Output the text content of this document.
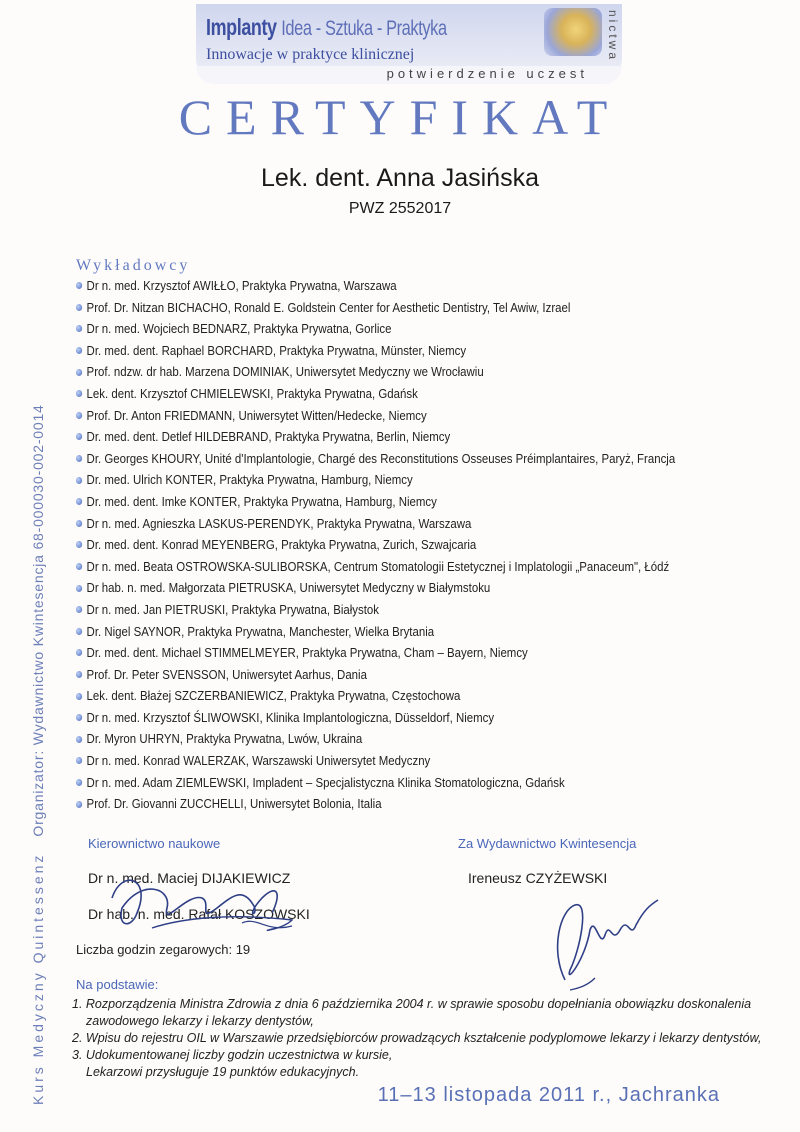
Implanty Idea - Sztuka - Praktyka
Innowacje w praktyce klinicznej
potwierdzenie uczest
nictwa
CERTYFIKAT
Lek. dent. Anna Jasińska
PWZ 2552017
Kurs Medyczny QuintessenzOrganizator: Wydawnictwo Kwintesencja 68-000030-002-0014
Wykładowcy
Dr n. med. Krzysztof AWIŁŁO, Praktyka Prywatna, Warszawa
Prof. Dr. Nitzan BICHACHO, Ronald E. Goldstein Center for Aesthetic Dentistry, Tel Awiw, Izrael
Dr n. med. Wojciech BEDNARZ, Praktyka Prywatna, Gorlice
Dr. med. dent. Raphael BORCHARD, Praktyka Prywatna, Münster, Niemcy
Prof. ndzw. dr hab. Marzena DOMINIAK, Uniwersytet Medyczny we Wrocławiu
Lek. dent. Krzysztof CHMIELEWSKI, Praktyka Prywatna, Gdańsk
Prof. Dr. Anton FRIEDMANN, Uniwersytet Witten/Hedecke, Niemcy
Dr. med. dent. Detlef HILDEBRAND, Praktyka Prywatna, Berlin, Niemcy
Dr. Georges KHOURY, Unité d'Implantologie, Chargé des Reconstitutions Osseuses Préimplantaires, Paryż, Francja
Dr. med. Ulrich KONTER, Praktyka Prywatna, Hamburg, Niemcy
Dr. med. dent. Imke KONTER, Praktyka Prywatna, Hamburg, Niemcy
Dr n. med. Agnieszka LASKUS-PERENDYK, Praktyka Prywatna, Warszawa
Dr. med. dent. Konrad MEYENBERG, Praktyka Prywatna, Zurich, Szwajcaria
Dr n. med. Beata OSTROWSKA-SULIBORSKA, Centrum Stomatologii Estetycznej i Implatologii „Panaceum", Łódź
Dr hab. n. med. Małgorzata PIETRUSKA, Uniwersytet Medyczny w Białymstoku
Dr n. med. Jan PIETRUSKI, Praktyka Prywatna, Białystok
Dr. Nigel SAYNOR, Praktyka Prywatna, Manchester, Wielka Brytania
Dr. med. dent. Michael STIMMELMEYER, Praktyka Prywatna, Cham – Bayern, Niemcy
Prof. Dr. Peter SVENSSON, Uniwersytet Aarhus, Dania
Lek. dent. Błażej SZCZERBANIEWICZ, Praktyka Prywatna, Częstochowa
Dr n. med. Krzysztof ŚLIWOWSKI, Klinika Implantologiczna, Düsseldorf, Niemcy
Dr. Myron UHRYN, Praktyka Prywatna, Lwów, Ukraina
Dr n. med. Konrad WALERZAK, Warszawski Uniwersytet Medyczny
Dr n. med. Adam ZIEMLEWSKI, Impladent – Specjalistyczna Klinika Stomatologiczna, Gdańsk
Prof. Dr. Giovanni ZUCCHELLI, Uniwersytet Bolonia, Italia
Kierownictwo naukowe	Za Wydawnictwo Kwintesencja
Dr n. med. Maciej DIJAKIEWICZ
Dr hab. n. med. Rafał KOSZOWSKI
Ireneusz CZYŻEWSKI
Liczba godzin zegarowych: 19
Na podstawie:
1. Rozporządzenia Ministra Zdrowia z dnia 6 października 2004 r. w sprawie sposobu dopełniania obowiązku doskonalenia
zawodowego lekarzy i lekarzy dentystów,
2. Wpisu do rejestru OIL w Warszawie przedsiębiorców prowadzących kształcenie podyplomowe lekarzy i lekarzy dentystów,
3. Udokumentowanej liczby godzin uczestnictwa w kursie,
Lekarzowi przysługuje 19 punktów edukacyjnych.
11–13 listopada 2011 r., Jachranka
